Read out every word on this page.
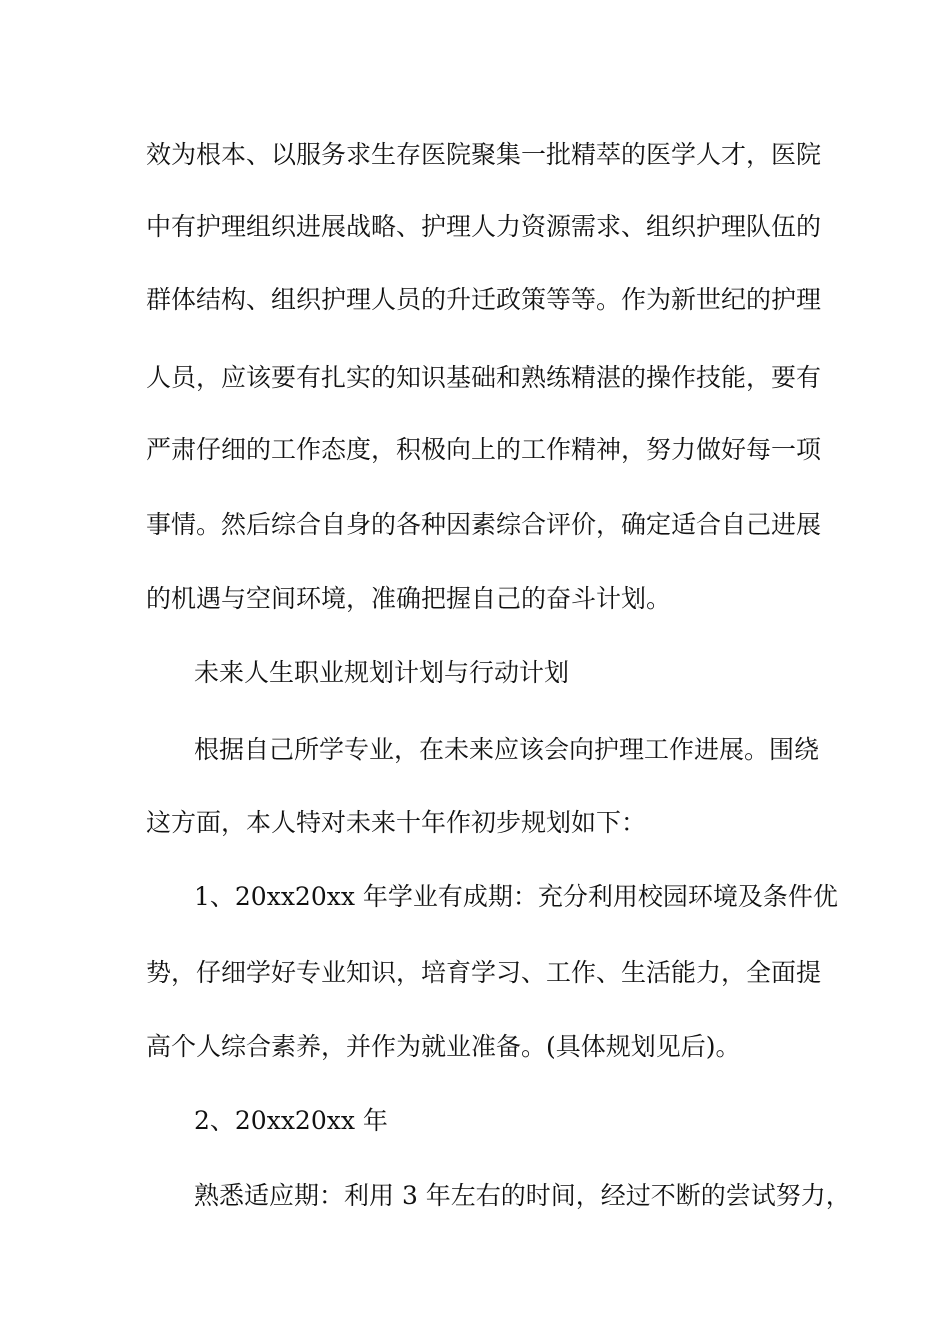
效为根本、以服务求生存医院聚集一批精萃的医学人才，医院
中有护理组织进展战略、护理人力资源需求、组织护理队伍的
群体结构、组织护理人员的升迁政策等等。作为新世纪的护理
人员，应该要有扎实的知识基础和熟练精湛的操作技能，要有
严肃仔细的工作态度，积极向上的工作精神，努力做好每一项
事情。然后综合自身的各种因素综合评价，确定适合自己进展
的机遇与空间环境，准确把握自己的奋斗计划。
未来人生职业规划计划与行动计划
根据自己所学专业，在未来应该会向护理工作进展。围绕
这方面，本人特对未来十年作初步规划如下：
1、20xx20xx 年学业有成期：充分利用校园环境及条件优
势，仔细学好专业知识，培育学习、工作、生活能力，全面提
高个人综合素养，并作为就业准备。(具体规划见后)。
2、20xx20xx 年
熟悉适应期：利用 3 年左右的时间，经过不断的尝试努力，
